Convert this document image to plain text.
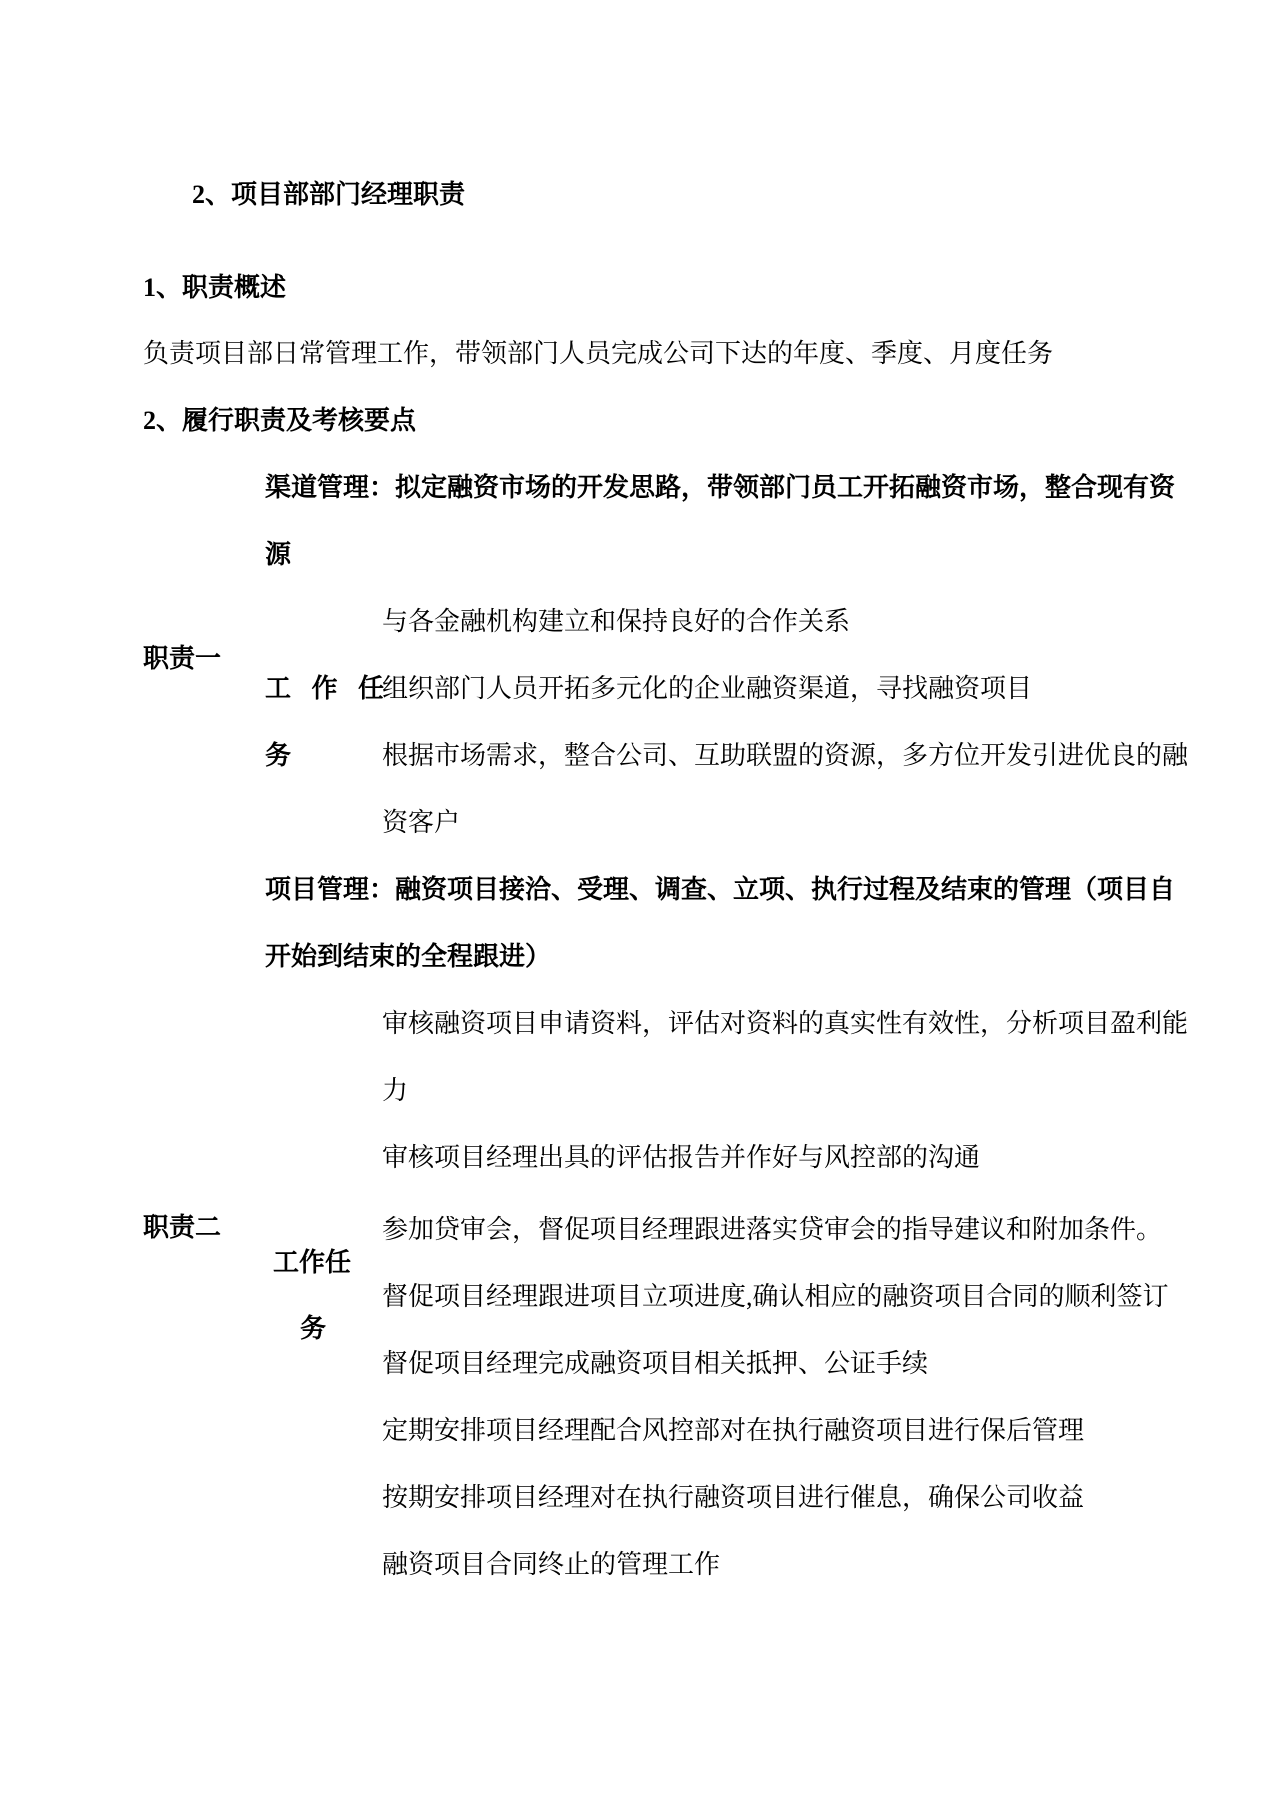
2、项目部部门经理职责
1、职责概述
负责项目部日常管理工作，带领部门人员完成公司下达的年度、季度、月度任务
2、履行职责及考核要点
渠道管理：拟定融资市场的开发思路，带领部门员工开拓融资市场，整合现有资
源
与各金融机构建立和保持良好的合作关系
职责一
工 作 任
组织部门人员开拓多元化的企业融资渠道，寻找融资项目
务	根据市场需求，整合公司、互助联盟的资源，多方位开发引进优良的融
资客户
项目管理：融资项目接洽、受理、调查、立项、执行过程及结束的管理（项目自
开始到结束的全程跟进）
审核融资项目申请资料，评估对资料的真实性有效性，分析项目盈利能
力
审核项目经理出具的评估报告并作好与风控部的沟通
职责二	参加贷审会，督促项目经理跟进落实贷审会的指导建议和附加条件。
工作任
督促项目经理跟进项目立项进度,确认相应的融资项目合同的顺利签订
务
督促项目经理完成融资项目相关抵押、公证手续
定期安排项目经理配合风控部对在执行融资项目进行保后管理
按期安排项目经理对在执行融资项目进行催息，确保公司收益
融资项目合同终止的管理工作
